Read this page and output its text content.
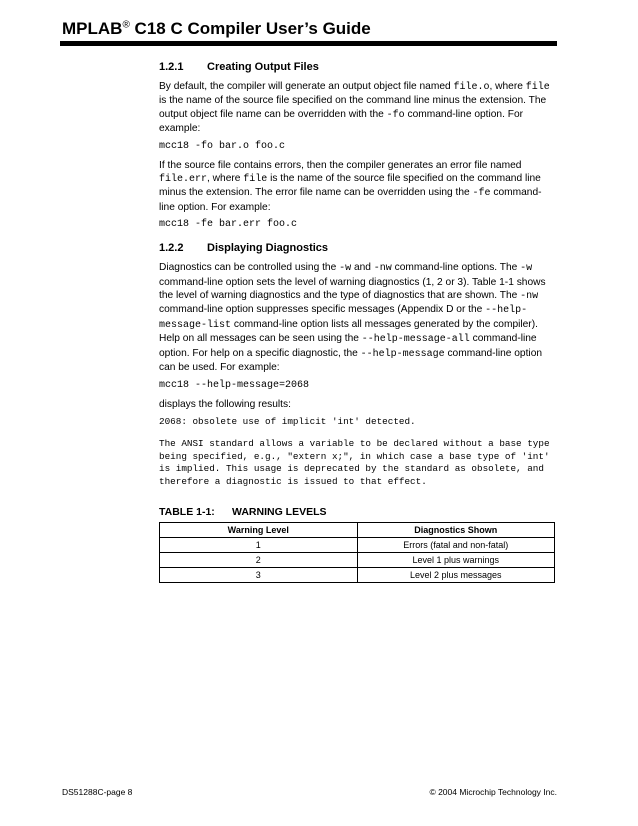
MPLAB® C18 C Compiler User’s Guide
1.2.1 Creating Output Files
By default, the compiler will generate an output object file named file.o, where file is the name of the source file specified on the command line minus the extension. The output object file name can be overridden with the -fo command-line option. For example:
mcc18 -fo bar.o foo.c
If the source file contains errors, then the compiler generates an error file named file.err, where file is the name of the source file specified on the command line minus the extension. The error file name can be overridden using the -fe command-line option. For example:
mcc18 -fe bar.err foo.c
1.2.2 Displaying Diagnostics
Diagnostics can be controlled using the -w and -nw command-line options. The -w command-line option sets the level of warning diagnostics (1, 2 or 3). Table 1-1 shows the level of warning diagnostics and the type of diagnostics that are shown. The -nw command-line option suppresses specific messages (Appendix D or the --help-message-list command-line option lists all messages generated by the compiler). Help on all messages can be seen using the --help-message-all command-line option. For help on a specific diagnostic, the --help-message command-line option can be used. For example:
mcc18 --help-message=2068
displays the following results:
2068: obsolete use of implicit 'int' detected.
The ANSI standard allows a variable to be declared without a base type being specified, e.g., "extern x;", in which case a base type of 'int' is implied. This usage is deprecated by the standard as obsolete, and therefore a diagnostic is issued to that effect.
TABLE 1-1: WARNING LEVELS
Warning Level	Diagnostics Shown
1	Errors (fatal and non-fatal)
2	Level 1 plus warnings
3	Level 2 plus messages
DS51288C-page 8	© 2004 Microchip Technology Inc.
